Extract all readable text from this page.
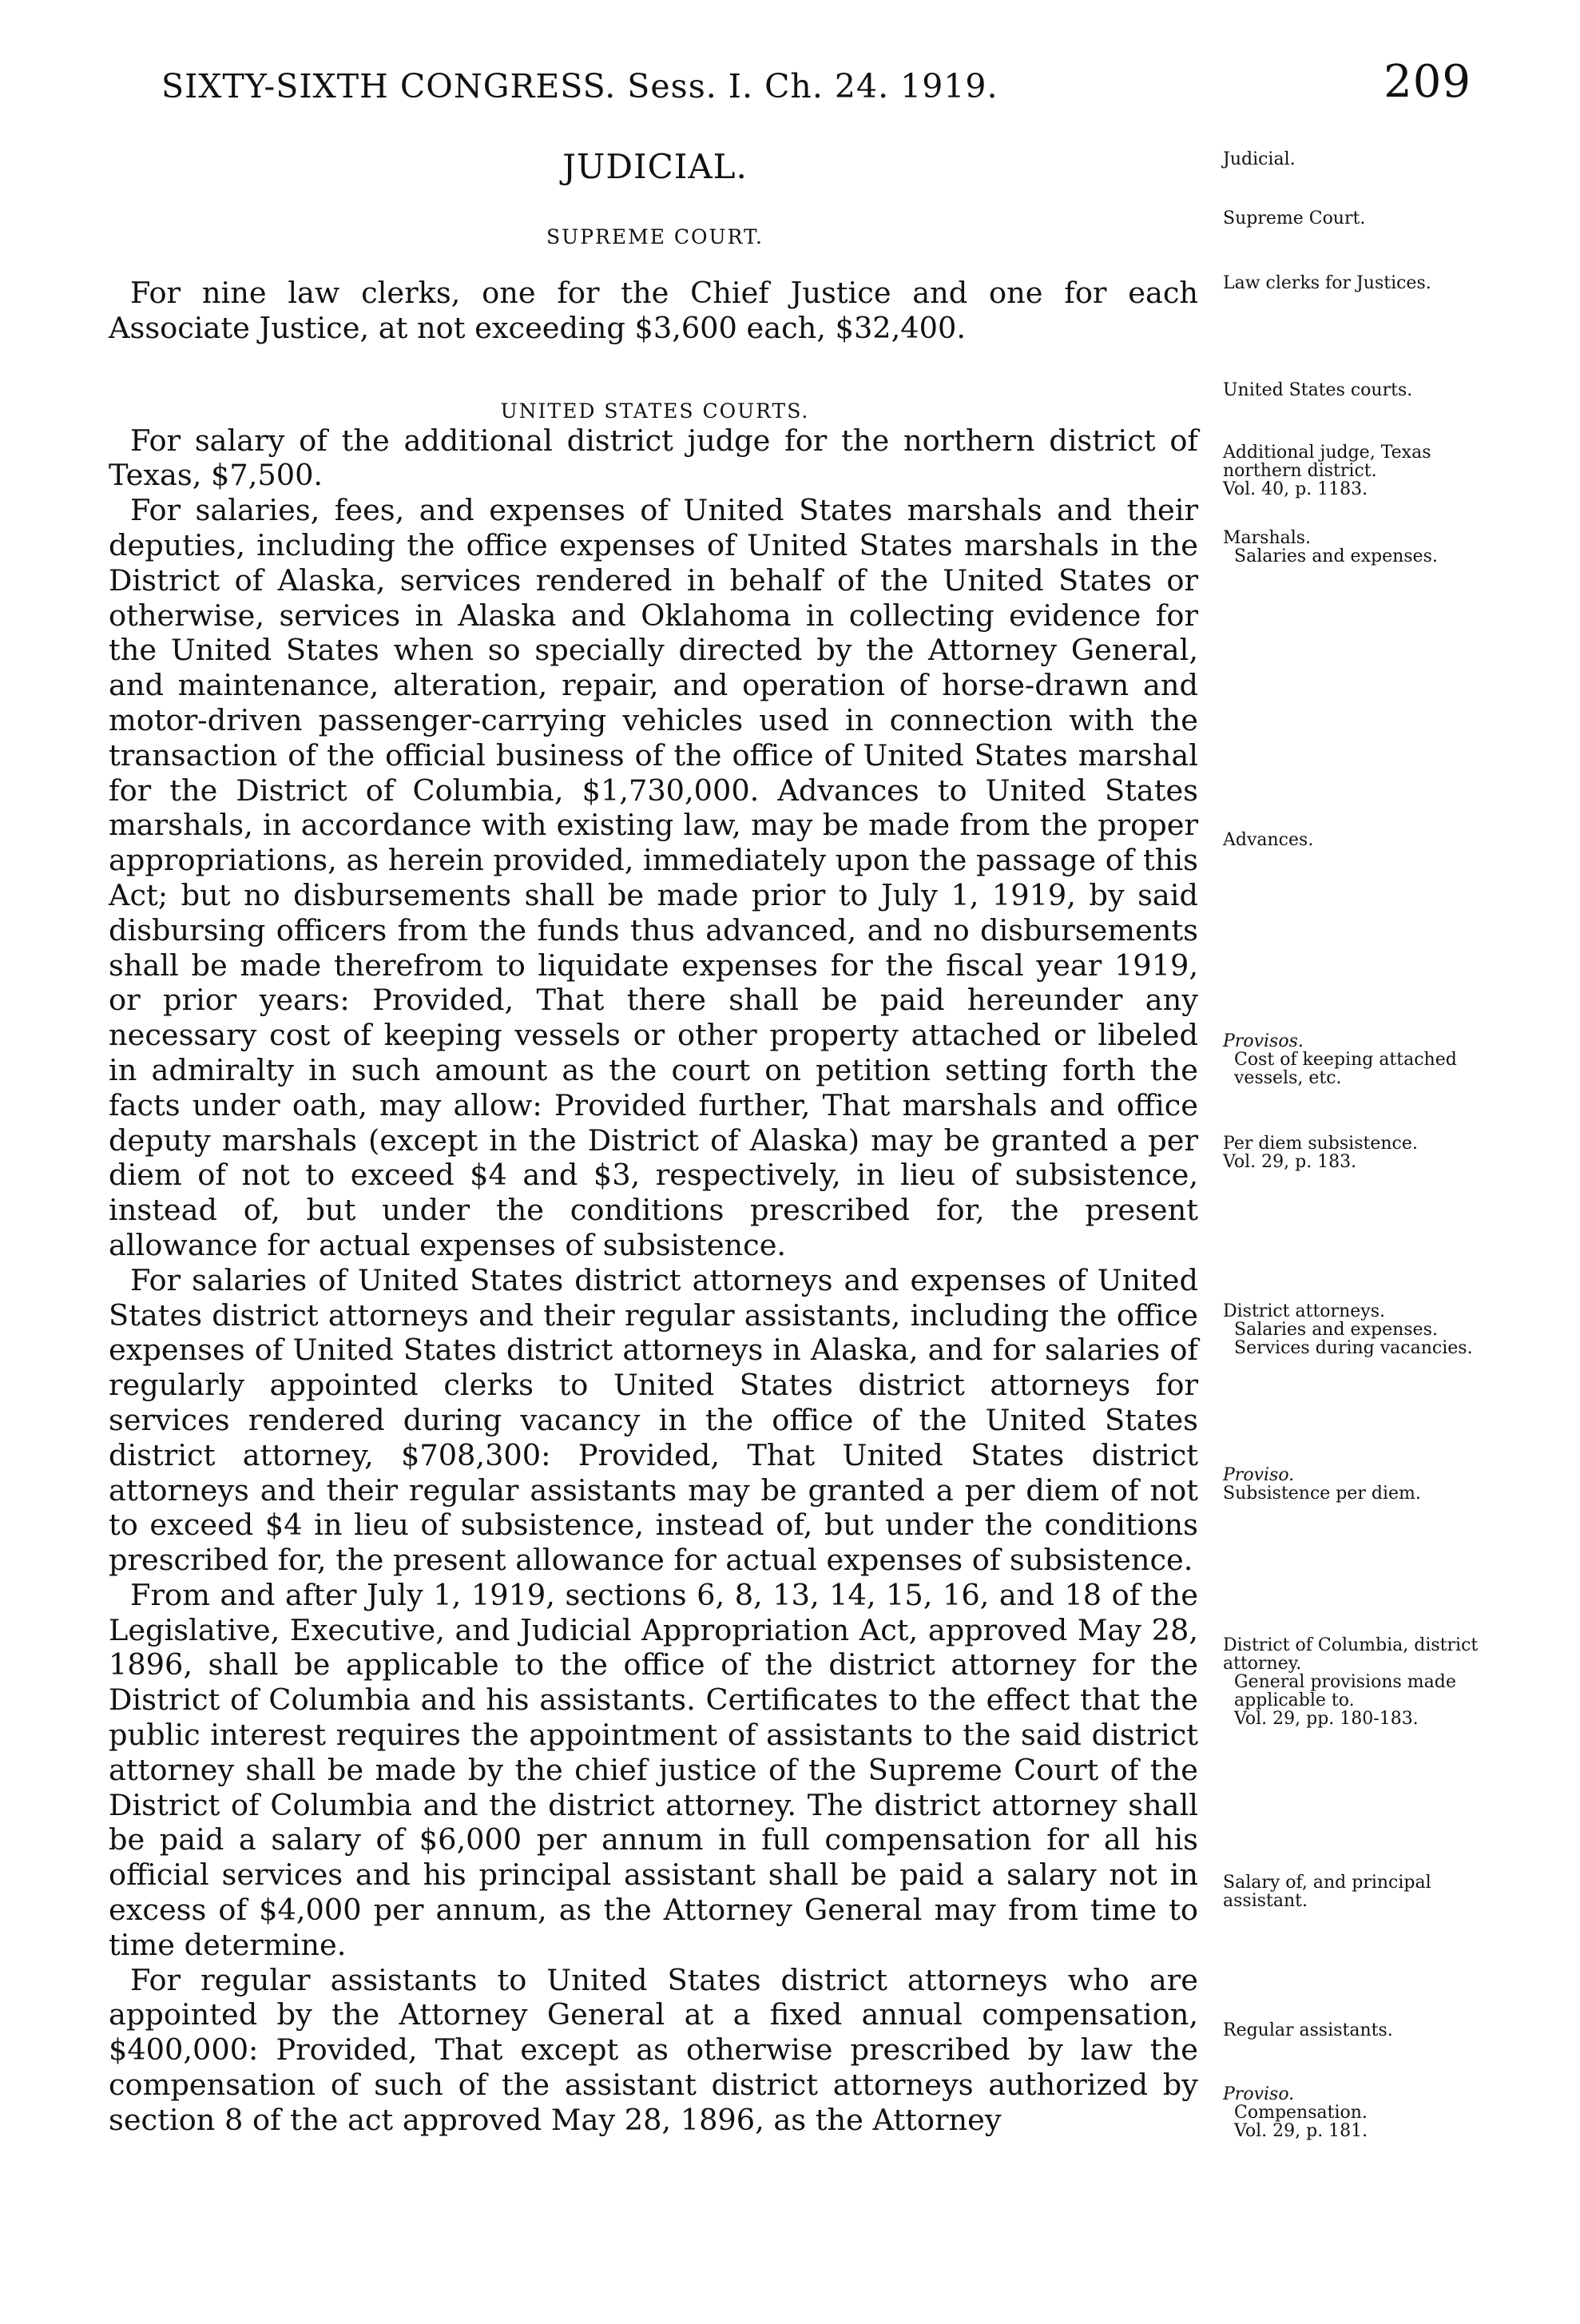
SIXTY-SIXTH CONGRESS. Sess. I. Ch. 24. 1919.	209
JUDICIAL.
SUPREME COURT.
UNITED STATES COURTS.

For nine law clerks, one for the Chief Justice and one for each Associate Justice, at not exceeding $3,600 each, $32,400.

For salary of the additional district judge for the northern district of Texas, $7,500.

For salaries, fees, and expenses of United States marshals and their deputies, including the office expenses of United States marshals in the District of Alaska, services rendered in behalf of the United States or otherwise, services in Alaska and Oklahoma in collecting evidence for the United States when so specially directed by the Attorney General, and maintenance, alteration, repair, and operation of horse-drawn and motor-driven passenger-carrying vehicles used in connection with the transaction of the official business of the office of United States marshal for the District of Columbia, $1,730,000. Advances to United States marshals, in accordance with existing law, may be made from the proper appropriations, as herein provided, immediately upon the passage of this Act; but no disbursements shall be made prior to July 1, 1919, by said disbursing officers from the funds thus advanced, and no disbursements shall be made therefrom to liquidate expenses for the fiscal year 1919, or prior years: Provided, That there shall be paid hereunder any necessary cost of keeping vessels or other property attached or libeled in admiralty in such amount as the court on petition setting forth the facts under oath, may allow: Provided further, That marshals and office deputy marshals (except in the District of Alaska) may be granted a per diem of not to exceed $4 and $3, respectively, in lieu of subsistence, instead of, but under the conditions prescribed for, the present allowance for actual expenses of subsistence.

For salaries of United States district attorneys and expenses of United States district attorneys and their regular assistants, including the office expenses of United States district attorneys in Alaska, and for salaries of regularly appointed clerks to United States district attorneys for services rendered during vacancy in the office of the United States district attorney, $708,300: Provided, That United States district attorneys and their regular assistants may be granted a per diem of not to exceed $4 in lieu of subsistence, instead of, but under the conditions prescribed for, the present allowance for actual expenses of subsistence.

From and after July 1, 1919, sections 6, 8, 13, 14, 15, 16, and 18 of the Legislative, Executive, and Judicial Appropriation Act, approved May 28, 1896, shall be applicable to the office of the district attorney for the District of Columbia and his assistants. Certificates to the effect that the public interest requires the appointment of assistants to the said district attorney shall be made by the chief justice of the Supreme Court of the District of Columbia and the district attorney. The district attorney shall be paid a salary of $6,000 per annum in full compensation for all his official services and his principal assistant shall be paid a salary not in excess of $4,000 per annum, as the Attorney General may from time to time determine.

For regular assistants to United States district attorneys who are appointed by the Attorney General at a fixed annual compensation, $400,000: Provided, That except as otherwise prescribed by law the compensation of such of the assistant district attorneys authorized by section 8 of the act approved May 28, 1896, as the Attorney

Judicial.
Supreme Court.
Law clerks for Justices.
United States courts.
Additional judge, Texas northern district.
Vol. 40, p. 1183.
Marshals.
Salaries and expenses.
Advances.
Provisos.
Cost of keeping attached vessels, etc.
Per diem subsistence.
Vol. 29, p. 183.
District attorneys.
Salaries and expenses.
Services during vacancies.
Proviso.
Subsistence per diem.
District of Columbia, district attorney.
General provisions made applicable to.
Vol. 29, pp. 180-183.
Salary of, and principal assistant.
Regular assistants.
Proviso.
Compensation.
Vol. 29, p. 181.
